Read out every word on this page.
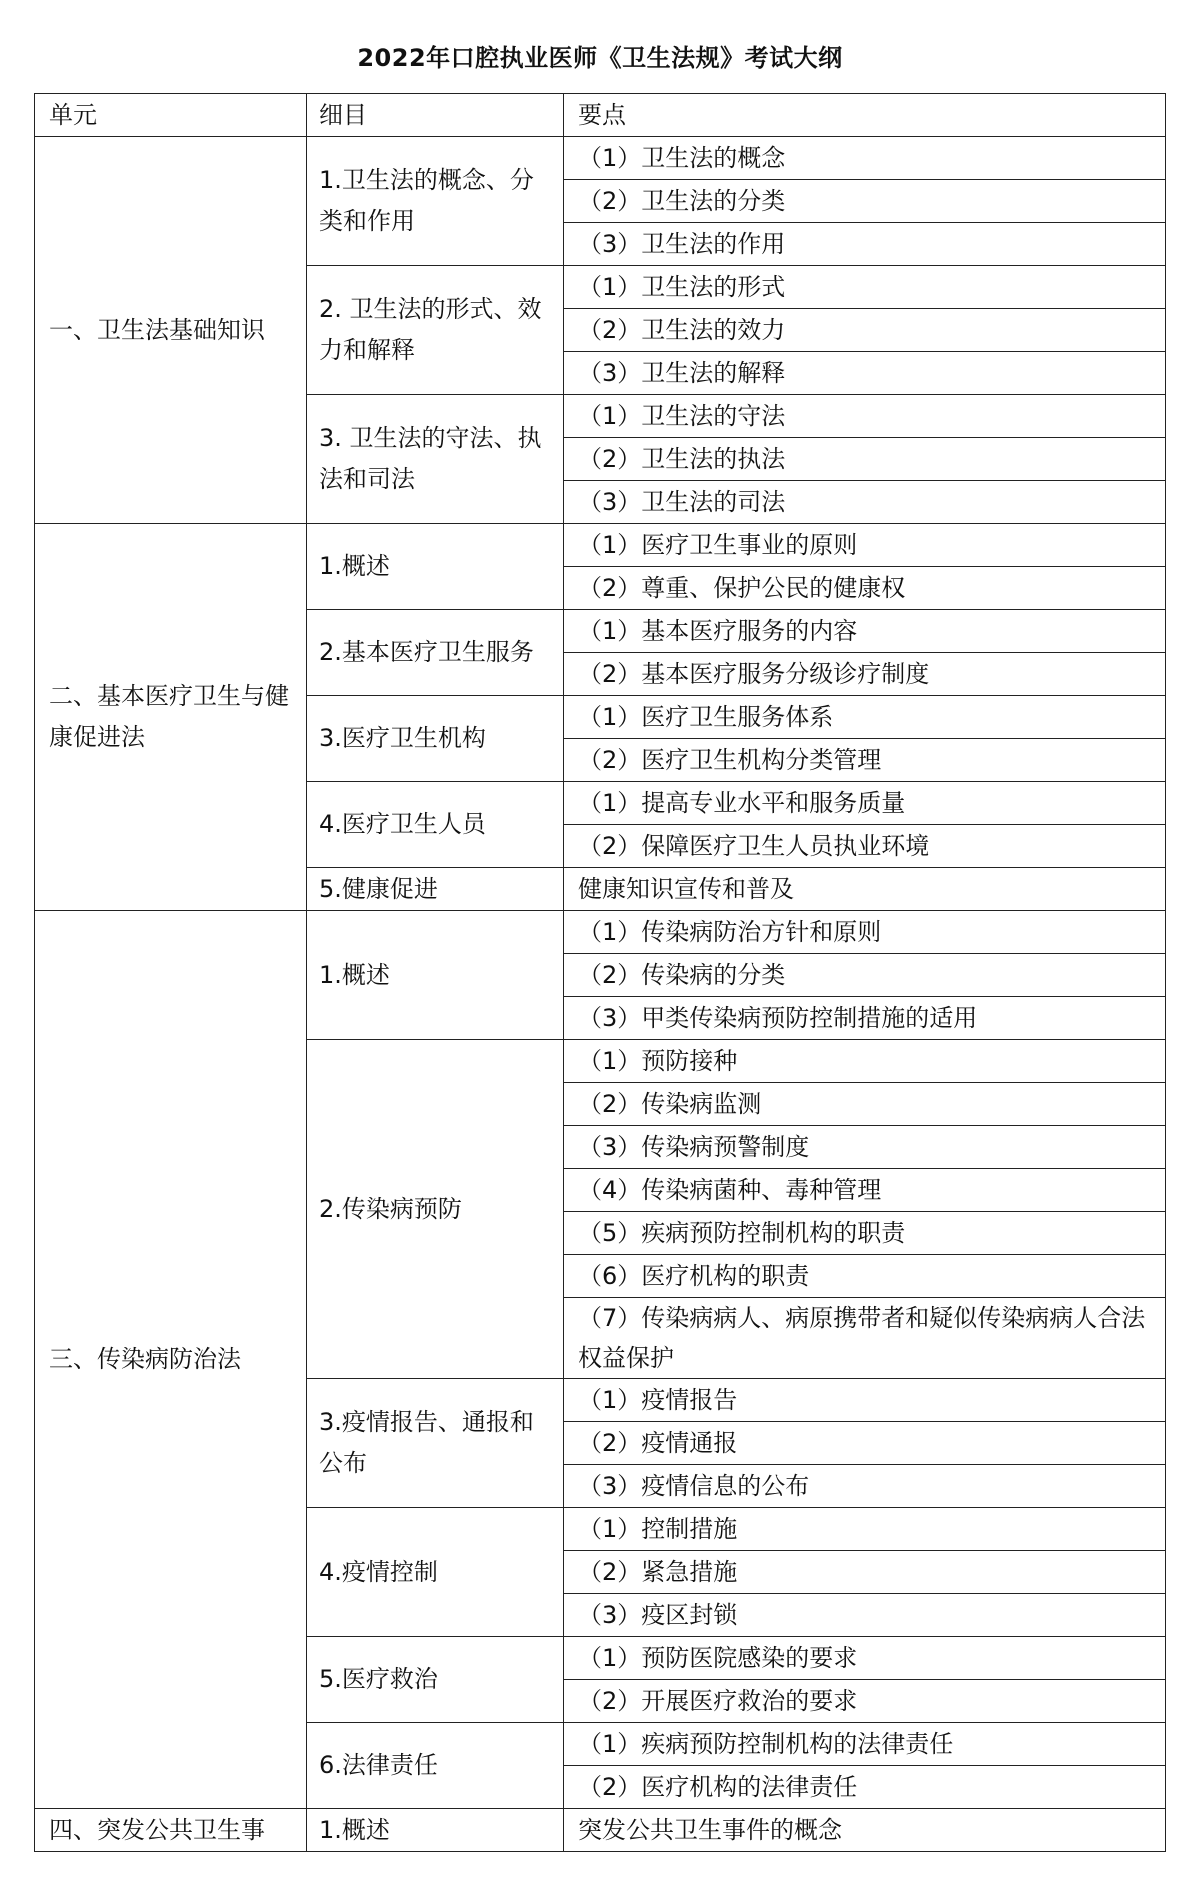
2022年口腔执业医师《卫生法规》考试大纲
单元	细目	要点
一、卫生法基础知识	1.卫生法的概念、分类和作用	（1）卫生法的概念
		（2）卫生法的分类
		（3）卫生法的作用
	2. 卫生法的形式、效力和解释	（1）卫生法的形式
		（2）卫生法的效力
		（3）卫生法的解释
	3. 卫生法的守法、执法和司法	（1）卫生法的守法
		（2）卫生法的执法
		（3）卫生法的司法
二、基本医疗卫生与健康促进法	1.概述	（1）医疗卫生事业的原则
		（2）尊重、保护公民的健康权
	2.基本医疗卫生服务	（1）基本医疗服务的内容
		（2）基本医疗服务分级诊疗制度
	3.医疗卫生机构	（1）医疗卫生服务体系
		（2）医疗卫生机构分类管理
	4.医疗卫生人员	（1）提高专业水平和服务质量
		（2）保障医疗卫生人员执业环境
	5.健康促进	健康知识宣传和普及
三、传染病防治法	1.概述	（1）传染病防治方针和原则
		（2）传染病的分类
		（3）甲类传染病预防控制措施的适用
	2.传染病预防	（1）预防接种
		（2）传染病监测
		（3）传染病预警制度
		（4）传染病菌种、毒种管理
		（5）疾病预防控制机构的职责
		（6）医疗机构的职责
		（7）传染病病人、病原携带者和疑似传染病病人合法权益保护
	3.疫情报告、通报和公布	（1）疫情报告
		（2）疫情通报
		（3）疫情信息的公布
	4.疫情控制	（1）控制措施
		（2）紧急措施
		（3）疫区封锁
	5.医疗救治	（1）预防医院感染的要求
		（2）开展医疗救治的要求
	6.法律责任	（1）疾病预防控制机构的法律责任
		（2）医疗机构的法律责任
四、突发公共卫生事	1.概述	突发公共卫生事件的概念
